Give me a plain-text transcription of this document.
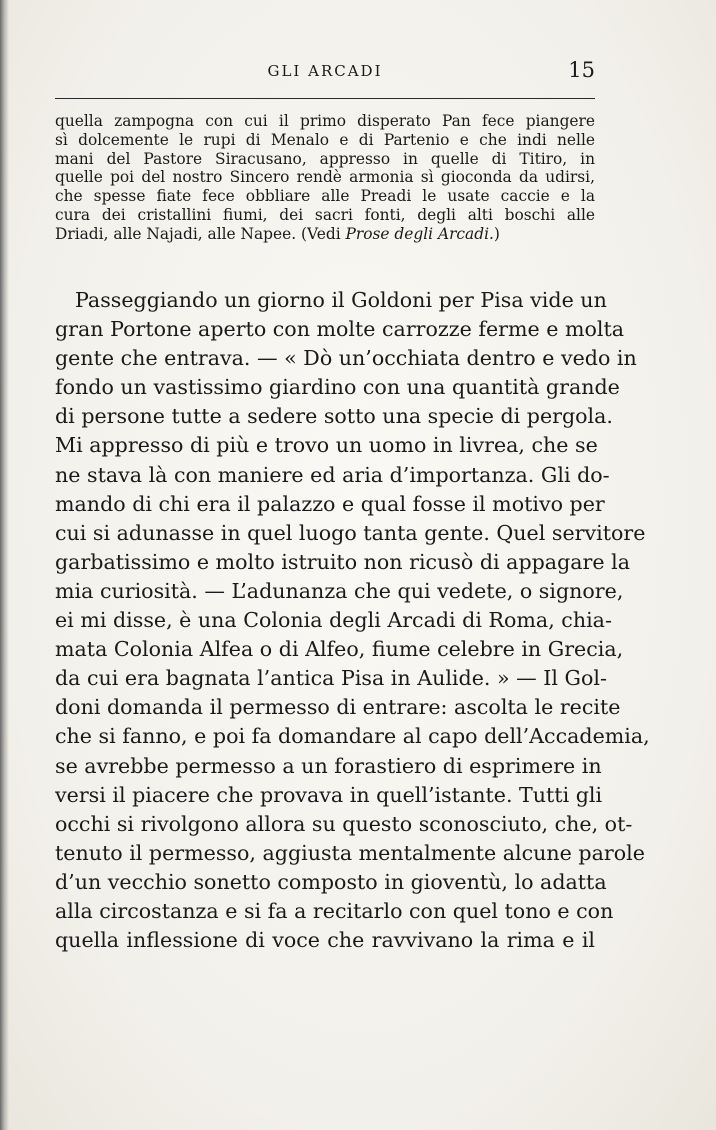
GLI ARCADI	15
quella zampogna con cui il primo disperato Pan fece piangere
sì dolcemente le rupi di Menalo e di Partenio e che indi nelle
mani del Pastore Siracusano, appresso in quelle di Titiro, in
quelle poi del nostro Sincero rendè armonia sì gioconda da udirsi,
che spesse fiate fece obbliare alle Preadi le usate caccie e la
cura dei cristallini fiumi, dei sacri fonti, degli alti boschi alle
Driadi, alle Najadi, alle Napee. (Vedi Prose degli Arcadi.)
Passeggiando un giorno il Goldoni per Pisa vide un
gran Portone aperto con molte carrozze ferme e molta
gente che entrava. — « Dò un’occhiata dentro e vedo in
fondo un vastissimo giardino con una quantità grande
di persone tutte a sedere sotto una specie di pergola.
Mi appresso di più e trovo un uomo in livrea, che se
ne stava là con maniere ed aria d’importanza. Gli do-
mando di chi era il palazzo e qual fosse il motivo per
cui si adunasse in quel luogo tanta gente. Quel servitore
garbatissimo e molto istruito non ricusò di appagare la
mia curiosità. — L’adunanza che qui vedete, o signore,
ei mi disse, è una Colonia degli Arcadi di Roma, chia-
mata Colonia Alfea o di Alfeo, fiume celebre in Grecia,
da cui era bagnata l’antica Pisa in Aulide. » — Il Gol-
doni domanda il permesso di entrare: ascolta le recite
che si fanno, e poi fa domandare al capo dell’Accademia,
se avrebbe permesso a un forastiero di esprimere in
versi il piacere che provava in quell’istante. Tutti gli
occhi si rivolgono allora su questo sconosciuto, che, ot-
tenuto il permesso, aggiusta mentalmente alcune parole
d’un vecchio sonetto composto in gioventù, lo adatta
alla circostanza e si fa a recitarlo con quel tono e con
quella inflessione di voce che ravvivano la rima e il
